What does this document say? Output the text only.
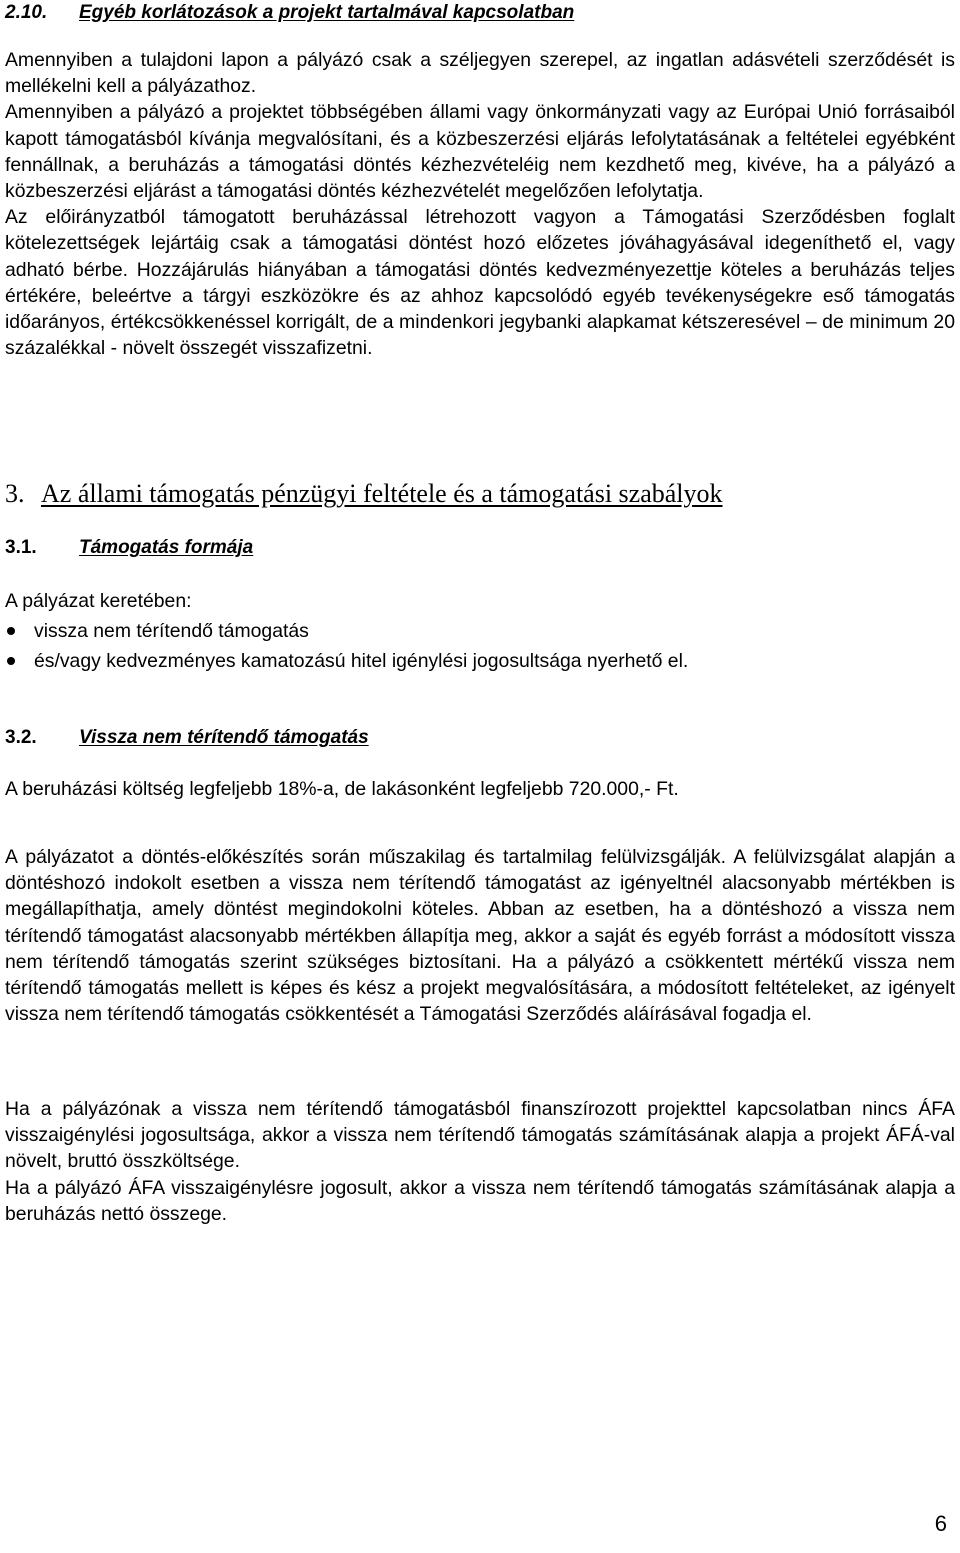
2.10. Egyéb korlátozások a projekt tartalmával kapcsolatban

Amennyiben a tulajdoni lapon a pályázó csak a széljegyen szerepel, az ingatlan adásvételi szerződését is mellékelni kell a pályázathoz.

Amennyiben a pályázó a projektet többségében állami vagy önkormányzati vagy az Európai Unió forrásaiból kapott támogatásból kívánja megvalósítani, és a közbeszerzési eljárás lefolytatásának a feltételei egyébként fennállnak, a beruházás a támogatási döntés kézhezvételéig nem kezdhető meg, kivéve, ha a pályázó a közbeszerzési eljárást a támogatási döntés kézhezvételét megelőzően lefolytatja.

Az előirányzatból támogatott beruházással létrehozott vagyon a Támogatási Szerződésben foglalt kötelezettségek lejártáig csak a támogatási döntést hozó előzetes jóváhagyásával idegeníthető el, vagy adható bérbe. Hozzájárulás hiányában a támogatási döntés kedvezményezettje köteles a beruházás teljes értékére, beleértve a tárgyi eszközökre és az ahhoz kapcsolódó egyéb tevékenységekre eső támogatás időarányos, értékcsökkenéssel korrigált, de a mindenkori jegybanki alapkamat kétszeresével – de minimum 20 százalékkal - növelt összegét visszafizetni.

3. Az állami támogatás pénzügyi feltétele és a támogatási szabályok
3.1. Támogatás formája

A pályázat keretében:

vissza nem térítendő támogatás
és/vagy kedvezményes kamatozású hitel igénylési jogosultsága nyerhető el.
3.2. Vissza nem térítendő támogatás

A beruházási költség legfeljebb 18%-a, de lakásonként legfeljebb 720.000,- Ft.

A pályázatot a döntés-előkészítés során műszakilag és tartalmilag felülvizsgálják. A felülvizsgálat alapján a döntéshozó indokolt esetben a vissza nem térítendő támogatást az igényeltnél alacsonyabb mértékben is megállapíthatja, amely döntést megindokolni köteles. Abban az esetben, ha a döntéshozó a vissza nem térítendő támogatást alacsonyabb mértékben állapítja meg, akkor a saját és egyéb forrást a módosított vissza nem térítendő támogatás szerint szükséges biztosítani. Ha a pályázó a csökkentett mértékű vissza nem térítendő támogatás mellett is képes és kész a projekt megvalósítására, a módosított feltételeket, az igényelt vissza nem térítendő támogatás csökkentését a Támogatási Szerződés aláírásával fogadja el.

Ha a pályázónak a vissza nem térítendő támogatásból finanszírozott projekttel kapcsolatban nincs ÁFA visszaigénylési jogosultsága, akkor a vissza nem térítendő támogatás számításának alapja a projekt ÁFÁ-val növelt, bruttó összköltsége.

Ha a pályázó ÁFA visszaigénylésre jogosult, akkor a vissza nem térítendő támogatás számításának alapja a beruházás nettó összege.

6
